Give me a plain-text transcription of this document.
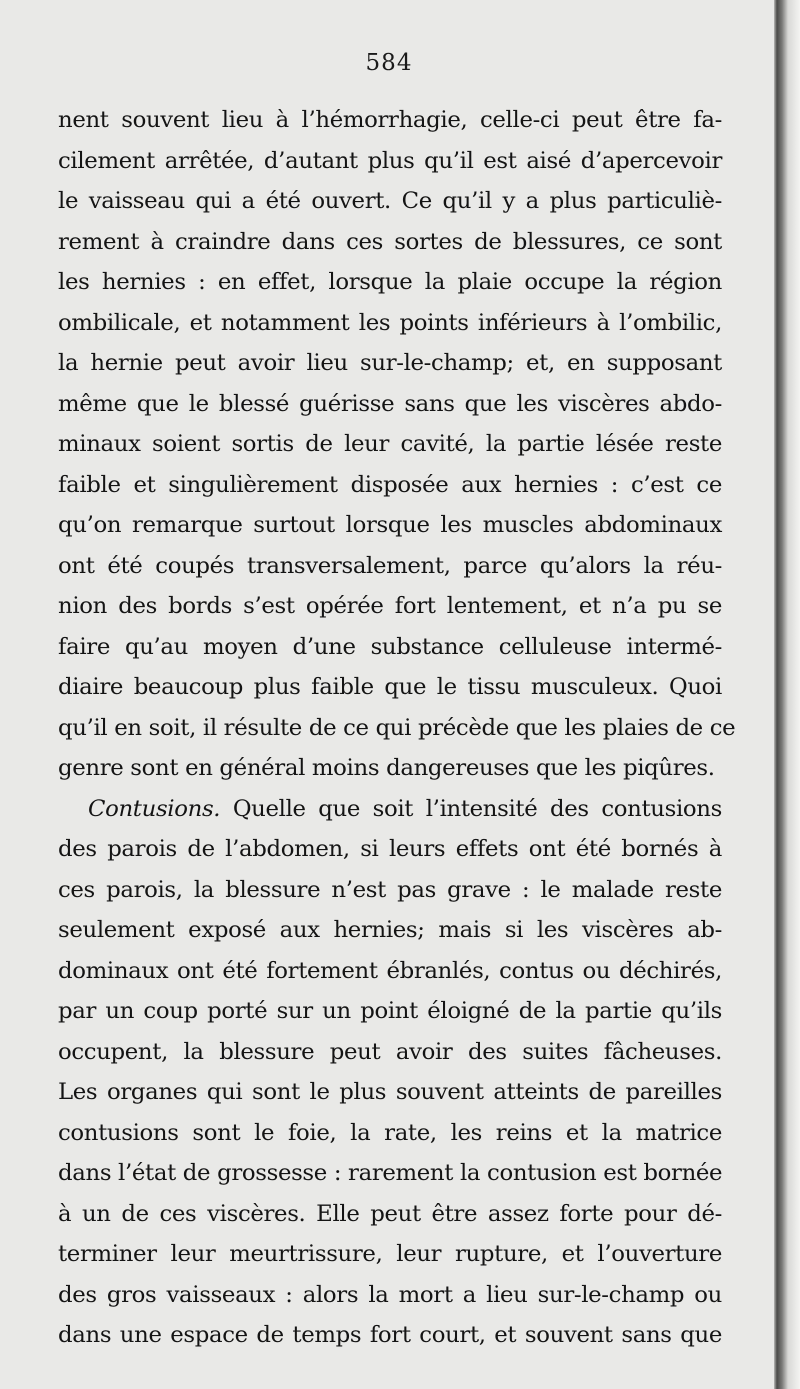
584
nent souvent lieu à l’hémorrhagie, celle-ci peut être fa-
cilement arrêtée, d’autant plus qu’il est aisé d’apercevoir
le vaisseau qui a été ouvert. Ce qu’il y a plus particuliè-
rement à craindre dans ces sortes de blessures, ce sont
les hernies : en effet, lorsque la plaie occupe la région
ombilicale, et notamment les points inférieurs à l’ombilic,
la hernie peut avoir lieu sur-le-champ; et, en supposant
même que le blessé guérisse sans que les viscères abdo-
minaux soient sortis de leur cavité, la partie lésée reste
faible et singulièrement disposée aux hernies : c’est ce
qu’on remarque surtout lorsque les muscles abdominaux
ont été coupés transversalement, parce qu’alors la réu-
nion des bords s’est opérée fort lentement, et n’a pu se
faire qu’au moyen d’une substance celluleuse intermé-
diaire beaucoup plus faible que le tissu musculeux. Quoi
qu’il en soit, il résulte de ce qui précède que les plaies de ce
genre sont en général moins dangereuses que les piqûres.
Contusions. Quelle que soit l’intensité des contusions
des parois de l’abdomen, si leurs effets ont été bornés à
ces parois, la blessure n’est pas grave : le malade reste
seulement exposé aux hernies; mais si les viscères ab-
dominaux ont été fortement ébranlés, contus ou déchirés,
par un coup porté sur un point éloigné de la partie qu’ils
occupent, la blessure peut avoir des suites fâcheuses.
Les organes qui sont le plus souvent atteints de pareilles
contusions sont le foie, la rate, les reins et la matrice
dans l’état de grossesse : rarement la contusion est bornée
à un de ces viscères. Elle peut être assez forte pour dé-
terminer leur meurtrissure, leur rupture, et l’ouverture
des gros vaisseaux : alors la mort a lieu sur-le-champ ou
dans une espace de temps fort court, et souvent sans que
